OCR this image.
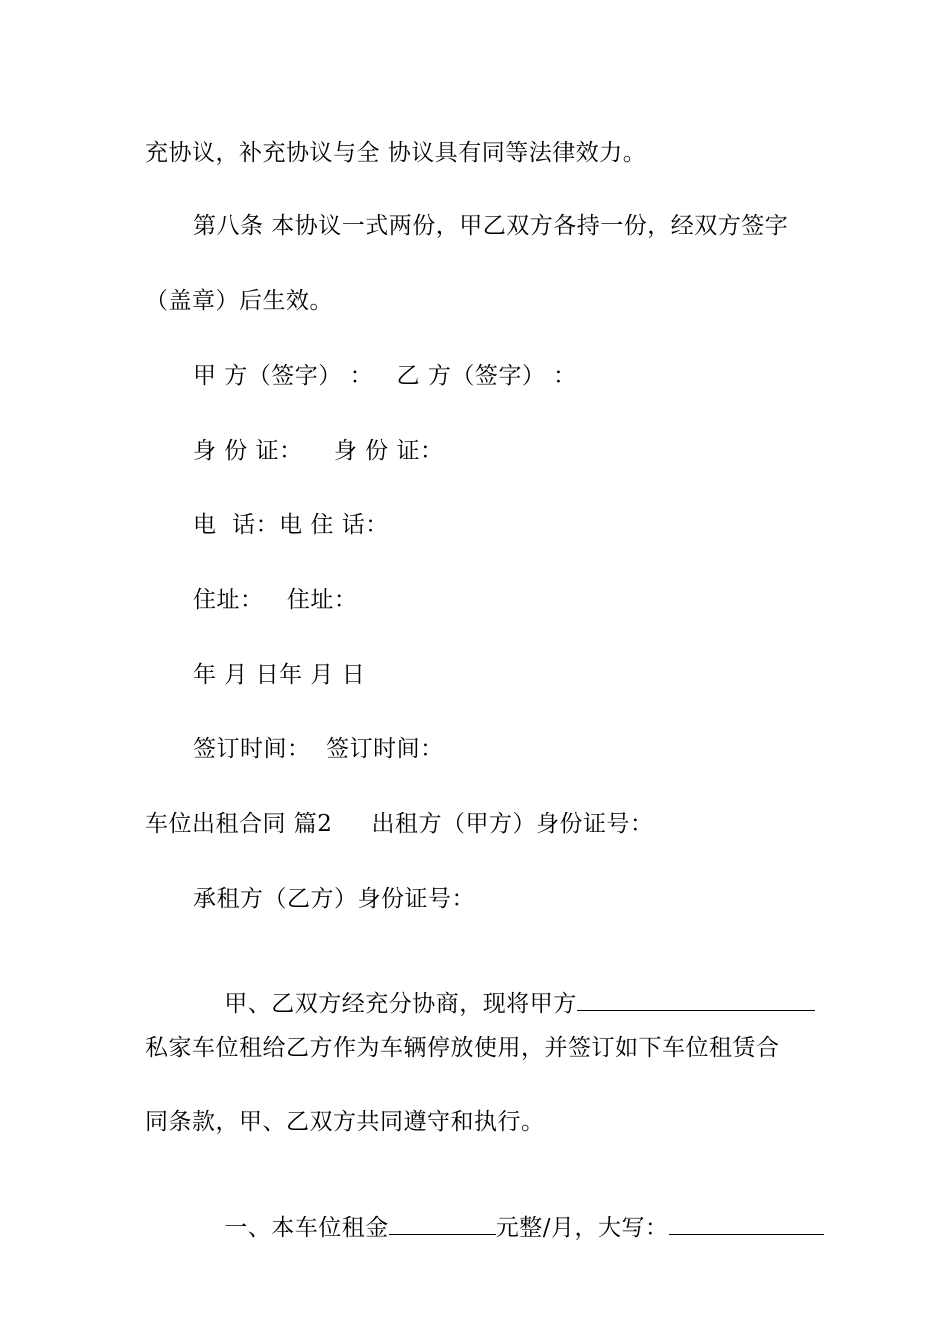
充协议，补充协议与全 协议具有同等法律效力。
第八条 本协议一式两份，甲乙双方各持一份，经双方签字
（盖章）后生效。
甲 方（签字） ：   乙 方（签字） ：
身 份 证：    身 份 证：
电  话：电 住 话：
住址：   住址：
年 月 日年 月 日
签订时间：  签订时间：
车位出租合同 篇2     出租方（甲方）身份证号：
承租方（乙方）身份证号：

甲、乙双方经充分协商，现将甲方

私家车位租给乙方作为车辆停放使用，并签订如下车位租赁合
同条款，甲、乙双方共同遵守和执行。

一、本车位租金	元整/月，大写：
